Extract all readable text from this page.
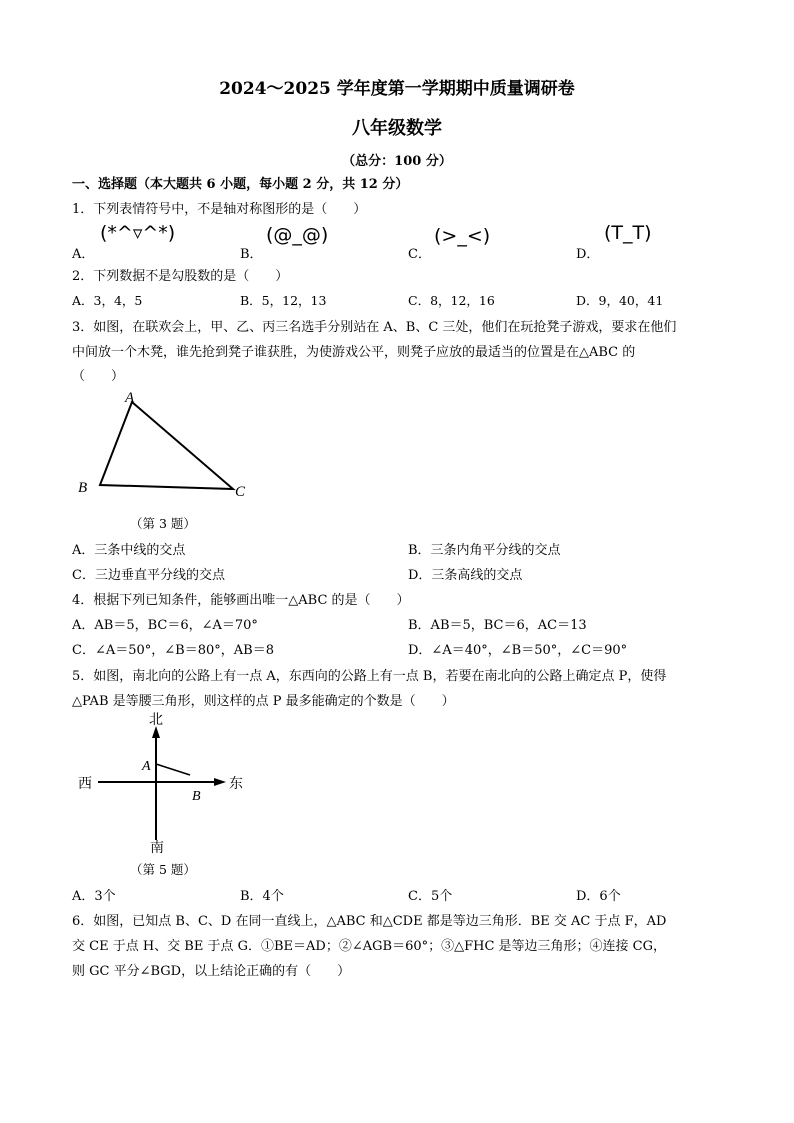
2024～2025 学年度第一学期期中质量调研卷
八年级数学
（总分：100 分）
一、选择题（本大题共 6 小题，每小题 2 分，共 12 分）
1．下列表情符号中，不是轴对称图形的是（　　）
A．
(*^▿^*)
B．
(@_@)
C．
(>_<)
D．
(T_T)
2．下列数据不是勾股数的是（　　）
A．3，4，5	B．5，12，13	C．8，12，16	D．9，40，41
3．如图，在联欢会上，甲、乙、丙三名选手分别站在 A、B、C 三处，他们在玩抢凳子游戏，要求在他们
中间放一个木凳，谁先抢到凳子谁获胜，为使游戏公平，则凳子应放的最适当的位置是在△ABC 的
（　　）
A
B	C
（第 3 题）
A．三条中线的交点	B．三条内角平分线的交点
C．三边垂直平分线的交点	D．三条高线的交点
4．根据下列已知条件，能够画出唯一△ABC 的是（　　）
A．AB＝5，BC＝6，∠A＝70°	B．AB＝5，BC＝6，AC＝13
C．∠A＝50°，∠B＝80°，AB＝8	D．∠A＝40°，∠B＝50°，∠C＝90°
5．如图，南北向的公路上有一点 A，东西向的公路上有一点 B，若要在南北向的公路上确定点 P，使得
△PAB 是等腰三角形，则这样的点 P 最多能确定的个数是（　　）
北
南
西	东
A
B
（第 5 题）
A．3个	B．4个	C．5个	D．6个
6．如图，已知点 B、C、D 在同一直线上，△ABC 和△CDE 都是等边三角形．BE 交 AC 于点 F，AD
交 CE 于点 H、交 BE 于点 G．①BE＝AD；②∠AGB＝60°；③△FHC 是等边三角形；④连接 CG，
则 GC 平分∠BGD，以上结论正确的有（　　）
